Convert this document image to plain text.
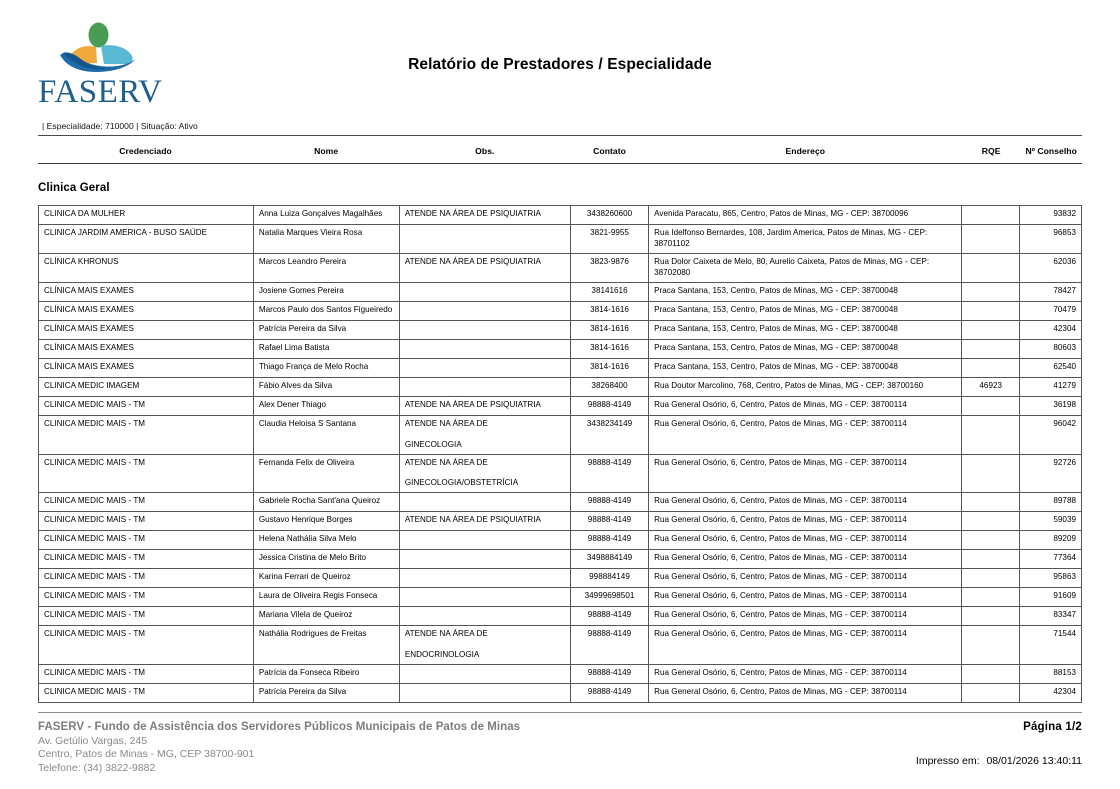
FASERV
Relatório de Prestadores / Especialidade
| Especialidade: 710000 | Situação: Ativo
Credenciado	Nome	Obs.	Contato	Endereço	RQE	Nº Conselho
Clinica Geral
CLINICA DA MULHER	Anna Luiza Gonçalves Magalhães	ATENDE NA ÁREA DE PSIQUIATRIA	3438260600	Avenida Paracatu, 865, Centro, Patos de Minas, MG - CEP: 38700096		93832
CLINICA JARDIM AMERICA - BUSO SAÚDE	Natalia Marques Vieira Rosa		3821-9955	Rua Idelfonso Bernardes, 108, Jardim America, Patos de Minas, MG - CEP: 38701102		96853
CLÍNICA KHRONUS	Marcos Leandro Pereira	ATENDE NA ÁREA DE PSIQUIATRIA	3823-9876	Rua Dolor Caixeta de Melo, 80, Aurelio Caixeta, Patos de Minas, MG - CEP: 38702080		62036
CLÍNICA MAIS EXAMES	Josiene Gomes Pereira		38141616	Praca Santana, 153, Centro, Patos de Minas, MG - CEP: 38700048		78427
CLÍNICA MAIS EXAMES	Marcos Paulo dos Santos Figueiredo		3814-1616	Praca Santana, 153, Centro, Patos de Minas, MG - CEP: 38700048		70479
CLÍNICA MAIS EXAMES	Patrícia Pereira da Silva		3814-1616	Praca Santana, 153, Centro, Patos de Minas, MG - CEP: 38700048		42304
CLÍNICA MAIS EXAMES	Rafael Lima Batista		3814-1616	Praca Santana, 153, Centro, Patos de Minas, MG - CEP: 38700048		80603
CLÍNICA MAIS EXAMES	Thiago França de Melo Rocha		3814-1616	Praca Santana, 153, Centro, Patos de Minas, MG - CEP: 38700048		62540
CLINICA MEDIC IMAGEM	Fábio Alves da Silva		38268400	Rua Doutor Marcolino, 768, Centro, Patos de Minas, MG - CEP: 38700160	46923	41279
CLINICA MEDIC MAIS - TM	Alex Dener Thiago	ATENDE NA ÁREA DE PSIQUIATRIA	98888-4149	Rua General Osório, 6, Centro, Patos de Minas, MG - CEP: 38700114		36198
CLINICA MEDIC MAIS - TM	Claudia Heloisa S Santana	ATENDE NA ÁREA DE
GINECOLOGIA	3438234149	Rua General Osório, 6, Centro, Patos de Minas, MG - CEP: 38700114		96042
CLINICA MEDIC MAIS - TM	Fernanda Felix de Oliveira	ATENDE NA ÁREA DE
GINECOLOGIA/OBSTETRÍCIA	98888-4149	Rua General Osório, 6, Centro, Patos de Minas, MG - CEP: 38700114		92726
CLINICA MEDIC MAIS - TM	Gabriele Rocha Sant'ana Queiroz		98888-4149	Rua General Osório, 6, Centro, Patos de Minas, MG - CEP: 38700114		89788
CLINICA MEDIC MAIS - TM	Gustavo Henrique Borges	ATENDE NA ÁREA DE PSIQUIATRIA	98888-4149	Rua General Osório, 6, Centro, Patos de Minas, MG - CEP: 38700114		59039
CLINICA MEDIC MAIS - TM	Helena Nathália Silva Melo		98888-4149	Rua General Osório, 6, Centro, Patos de Minas, MG - CEP: 38700114		89209
CLINICA MEDIC MAIS - TM	Jessica Cristina de Melo Brito		3498884149	Rua General Osório, 6, Centro, Patos de Minas, MG - CEP: 38700114		77364
CLINICA MEDIC MAIS - TM	Karina Ferrari de Queiroz		998884149	Rua General Osório, 6, Centro, Patos de Minas, MG - CEP: 38700114		95863
CLINICA MEDIC MAIS - TM	Laura de Oliveira Regis Fonseca		34999698501	Rua General Osório, 6, Centro, Patos de Minas, MG - CEP: 38700114		91609
CLINICA MEDIC MAIS - TM	Mariana Vilela de Queiroz		98888-4149	Rua General Osório, 6, Centro, Patos de Minas, MG - CEP: 38700114		83347
CLINICA MEDIC MAIS - TM	Nathália Rodrigues de Freitas	ATENDE NA ÁREA DE
ENDOCRINOLOGIA	98888-4149	Rua General Osório, 6, Centro, Patos de Minas, MG - CEP: 38700114		71544
CLINICA MEDIC MAIS - TM	Patrícia da Fonseca Ribeiro		98888-4149	Rua General Osório, 6, Centro, Patos de Minas, MG - CEP: 38700114		88153
CLINICA MEDIC MAIS - TM	Patrícia Pereira da Silva		98888-4149	Rua General Osório, 6, Centro, Patos de Minas, MG - CEP: 38700114		42304
FASERV - Fundo de Assistência dos Servidores Públicos Municipais de Patos de Minas
Av. Getúlio Vargas, 245
Centro, Patos de Minas - MG, CEP 38700-901
Telefone: (34) 3822-9882
Página 1/2
Impresso em: 08/01/2026 13:40:11
